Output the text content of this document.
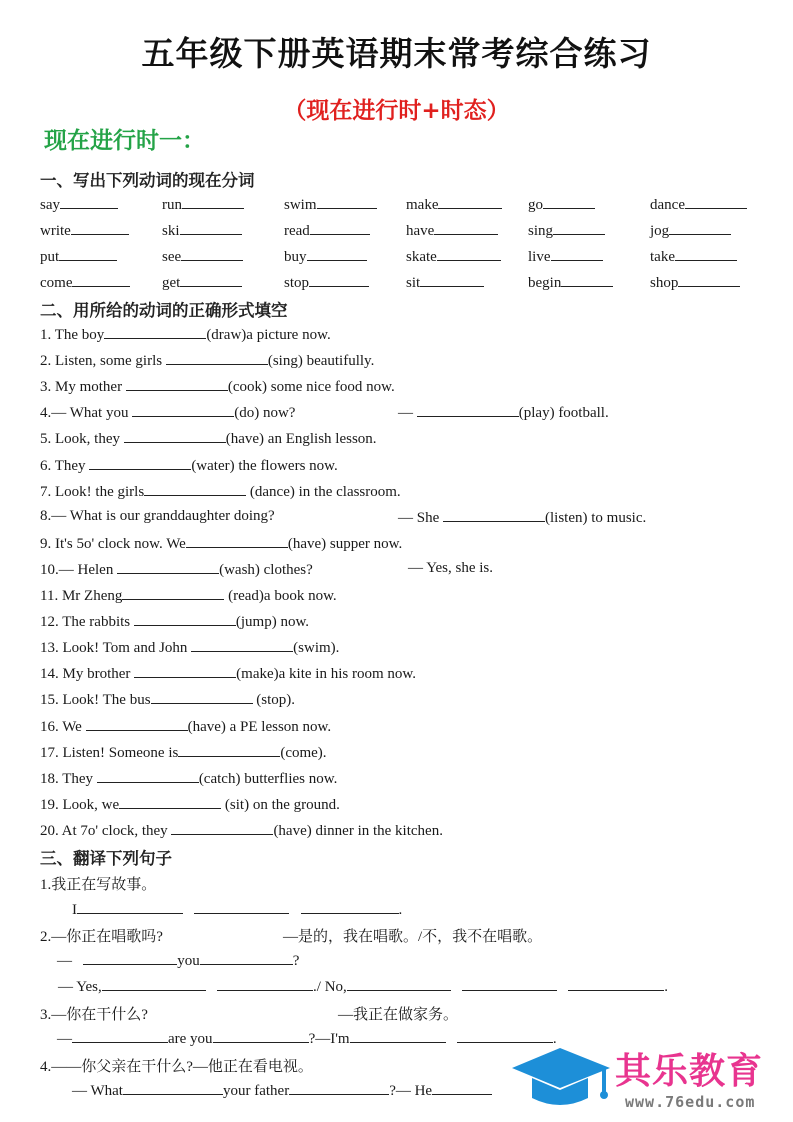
五年级下册英语期末常考综合练习
（现在进行时+时态）
现在进行时一：
一、写出下列动词的现在分词
say	run	swim	make	go	dance
write	ski	read	have	sing	jog
put	see	buy	skate	live	take
come	get	stop	sit	begin	shop
二、用所给的动词的正确形式填空
1. The boy	(draw)a picture now.
2. Listen, some girls	(sing) beautifully.
3. My mother	(cook) some nice food now.
4.— What you	(do) now?	—	(play) football.
5. Look, they	(have) an English lesson.
6. They	(water) the flowers now.
7. Look! the girls	(dance) in the classroom.
8.— What is our granddaughter doing?	— She	(listen) to music.
9. It's 5o' clock now. We	(have) supper now.
10.— Helen	(wash) clothes?	— Yes, she is.
11. Mr Zheng	(read)a book now.
12. The rabbits	(jump) now.
13. Look! Tom and John	(swim).
14. My brother	(make)a kite in his room now.
15. Look! The bus	(stop).
16. We	(have) a PE lesson now.
17. Listen! Someone is	(come).
18. They	(catch) butterflies now.
19. Look, we	(sit) on the ground.
20. At 7o' clock, they	(have) dinner in the kitchen.
三、翻译下列句子
1.我正在写故事。
I	.
2.—你正在唱歌吗?	—是的，我在唱歌。/不，我不在唱歌。
—	you	?
— Yes,	./ No,	.
3.—你在干什么?	—我正在做家务。
—	are you	?—I'm	.
4.——你父亲在干什么?—他正在看电视。
— What	your father	?— He	其乐教育
www.76edu.com
